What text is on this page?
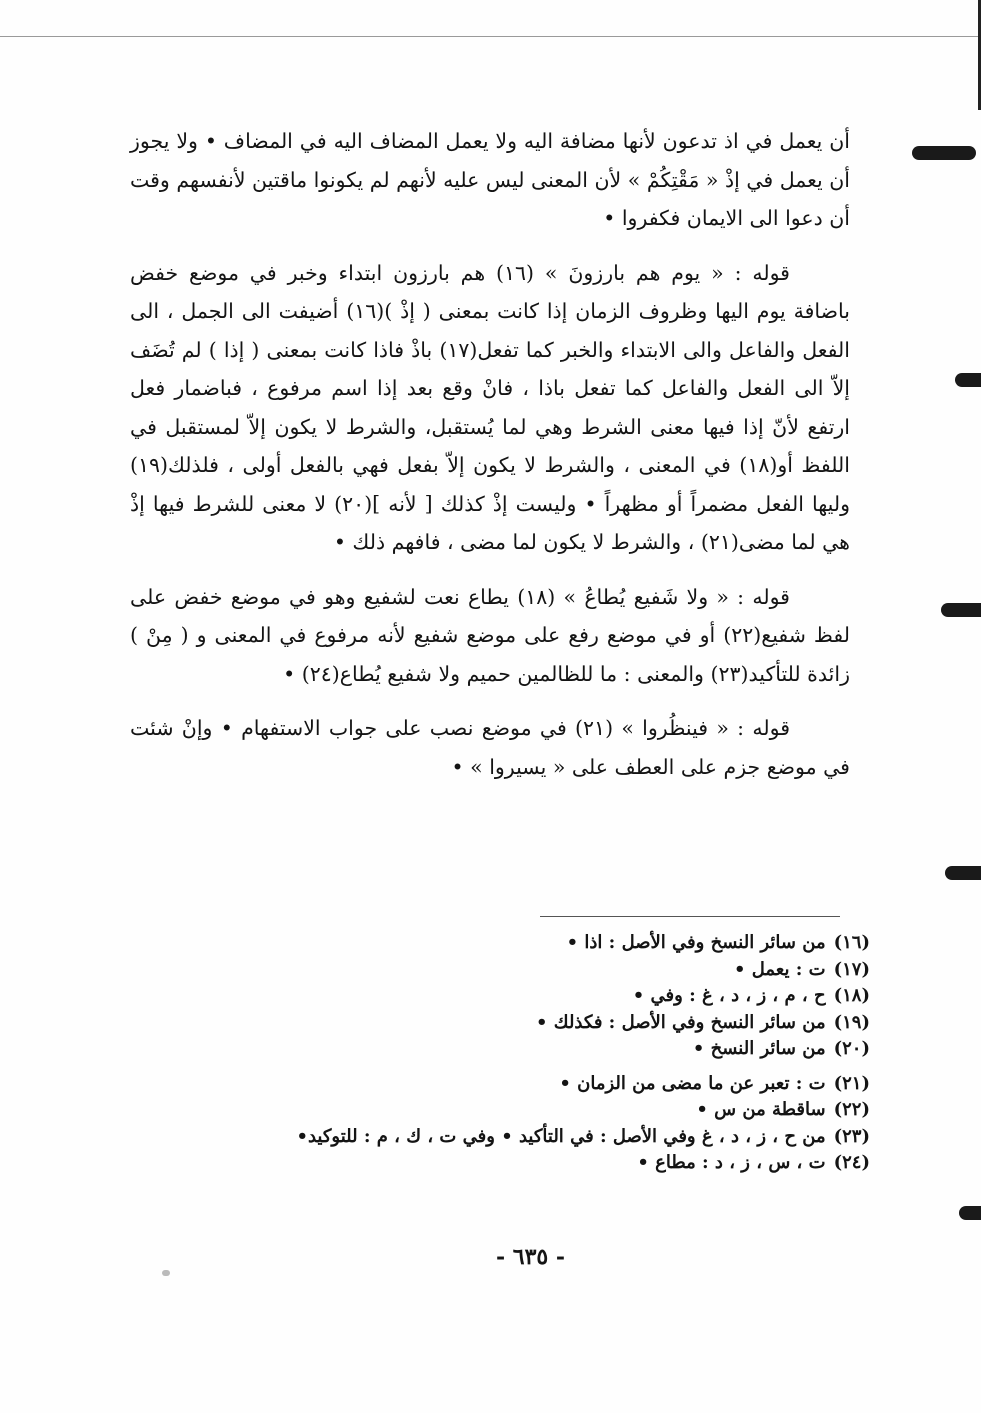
أن يعمل في اذ تدعون لأنها مضافة اليه ولا يعمل المضاف اليه في المضاف • ولا يجوز أن يعمل في إذْ « مَقْتِكُمْ » لأن المعنى ليس عليه لأنهم لم يكونوا ماقتين لأنفسهم وقت أن دعوا الى الايمان فكفروا •

قوله : « يوم هم بارزونَ » (١٦) هم بارزون ابتداء وخبر في موضع خفض باضافة يوم اليها وظروف الزمان إذا كانت بمعنى ( إذْ )(١٦) أضيفت الى الجمل ، الى الفعل والفاعل والى الابتداء والخبر كما تفعل(١٧) باذْ فاذا كانت بمعنى ( إذا ) لم تُضَف إلاّ الى الفعل والفاعل كما تفعل باذا ، فانْ وقع بعد إذا اسم مرفوع ، فباضمار فعل ارتفع لأنّ إذا فيها معنى الشرط وهي لما يُستقبل، والشرط لا يكون إلاّ لمستقبل في اللفظ أو(١٨) في المعنى ، والشرط لا يكون إلاّ بفعل فهي بالفعل أولى ، فلذلك(١٩) وليها الفعل مضمراً أو مظهراً • وليست إذْ كذلك [ لأنه ](٢٠) لا معنى للشرط فيها إذْ هي لما مضى(٢١) ، والشرط لا يكون لما مضى ، فافهم ذلك •

قوله : « ولا شَفيع يُطاعُ » (١٨) يطاع نعت لشفيع وهو في موضع خفض على لفظ شفيع(٢٢) أو في موضع رفع على موضع شفيع لأنه مرفوع في المعنى و ( مِنْ ) زائدة للتأكيد(٢٣) والمعنى : ما للظالمين حميم ولا شفيع يُطاع(٢٤) •

قوله : « فينظُروا » (٢١) في موضع نصب على جواب الاستفهام • وإنْ شئت في موضع جزم على العطف على « يسيروا » •

(١٦)من سائر النسخ وفي الأصل : اذا •
(١٧)ت : يعمل •
(١٨)ح ، م ، ز ، د ، غ : وفي •
(١٩)من سائر النسخ وفي الأصل : فكذلك •
(٢٠)من سائر النسخ •
(٢١)ت : تعبر عن ما مضى من الزمان •
(٢٢)ساقطة من س •
(٢٣)من ح ، ز ، د ، غ وفي الأصل : في التأكيد • وفي ت ، ك ، م : للتوكيد•
(٢٤)ت ، س ، ز ، د : مطاع •
- ٦٣٥ -
